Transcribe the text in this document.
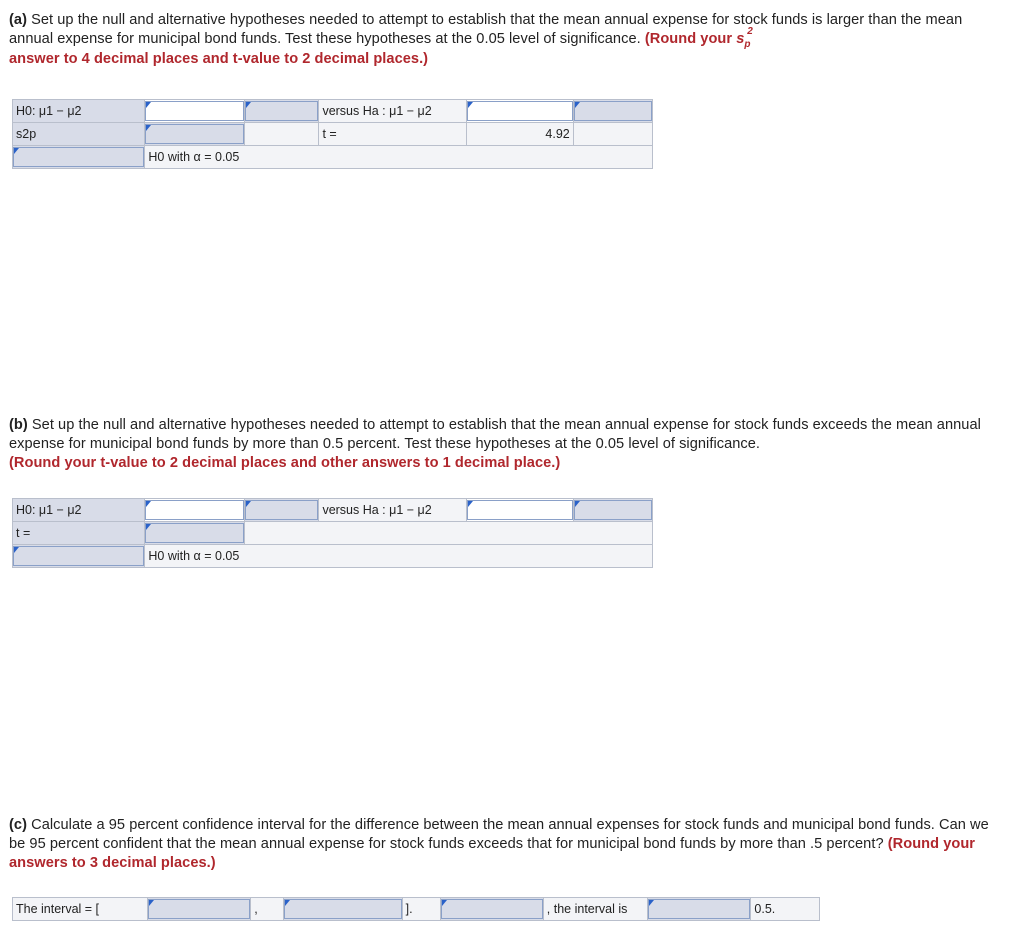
(a) Set up the null and alternative hypotheses needed to attempt to establish that the mean annual expense for stock funds is larger than the mean annual expense for municipal bond funds. Test these hypotheses at the 0.05 level of significance. (Round your $s_p$
2

answer to 4 decimal places and t-value to 2 decimal places.)
H0: μ1 − μ2			versus Ha : μ1 − μ2	

s2p			t =	4.92	

	H0 with α = 0.05				
(b) Set up the null and alternative hypotheses needed to attempt to establish that the mean annual expense for stock funds exceeds the mean annual expense for municipal bond funds by more than 0.5 percent. Test these hypotheses at the 0.05 level of significance.
(Round your t-value to 2 decimal places and other answers to 1 decimal place.)
H0: μ1 − μ2			versus Ha : μ1 − μ2	

t =				

	H0 with α = 0.05				
(c) Calculate a 95 percent confidence interval for the difference between the mean annual expenses for stock funds and municipal bond funds. Can we be 95 percent confident that the mean annual expense for stock funds exceeds that for municipal bond funds by more than .5 percent? (Round your answers to 3 decimal places.)
The interval = [		,		].		, the interval is		0.5.
